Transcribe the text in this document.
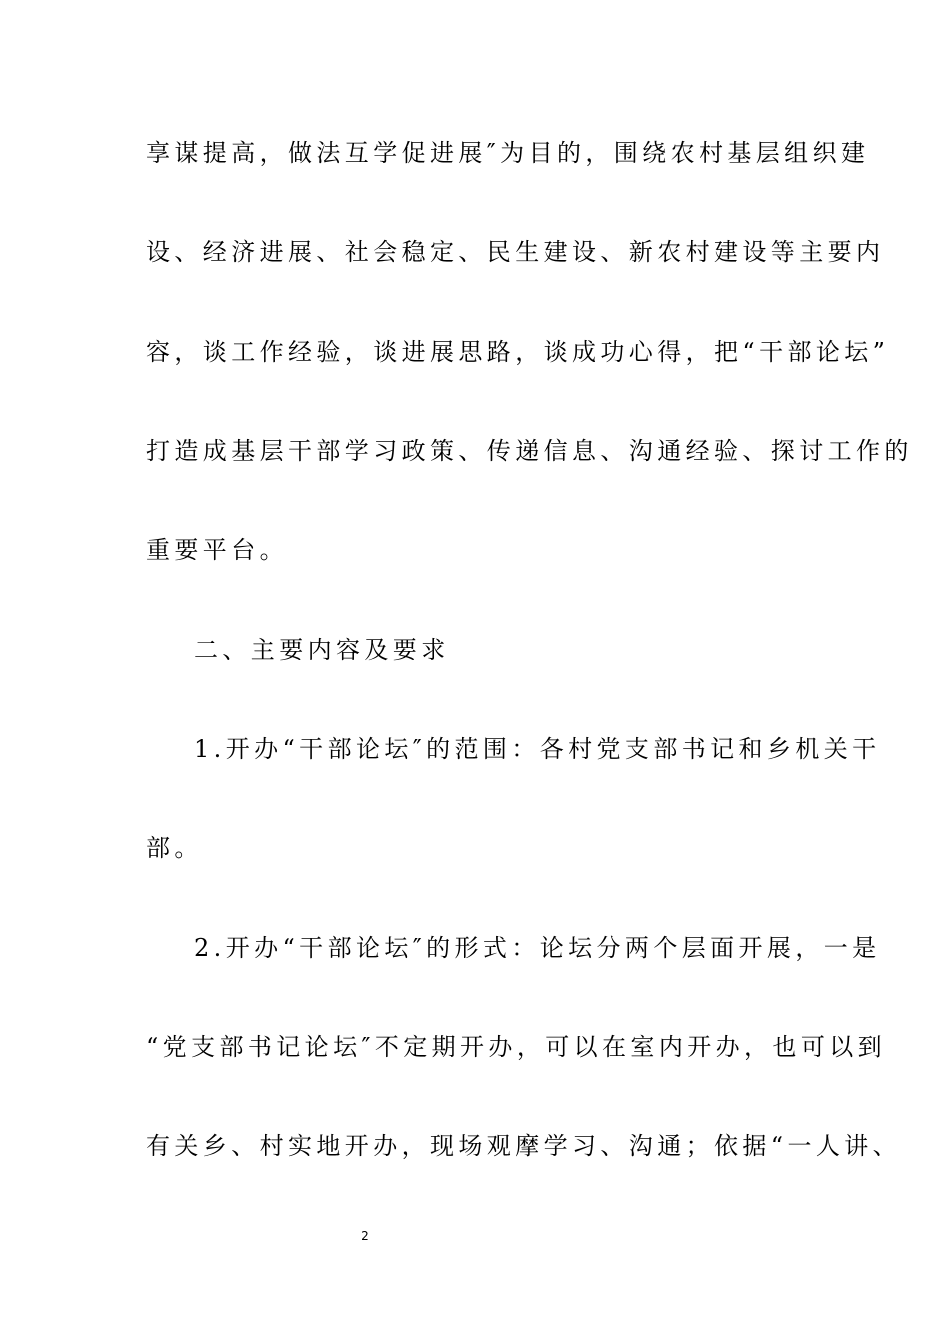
享谋提高，做法互学促进展″为目的，围绕农村基层组织建
设、经济进展、社会稳定、民生建设、新农村建设等主要内
容，谈工作经验，谈进展思路，谈成功心得，把“干部论坛”
打造成基层干部学习政策、传递信息、沟通经验、探讨工作的
重要平台。
二、主要内容及要求
1.开办“干部论坛″的范围：各村党支部书记和乡机关干
部。
2.开办“干部论坛″的形式：论坛分两个层面开展，一是
“党支部书记论坛″不定期开办，可以在室内开办，也可以到
有关乡、村实地开办，现场观摩学习、沟通；依据“一人讲、
2
